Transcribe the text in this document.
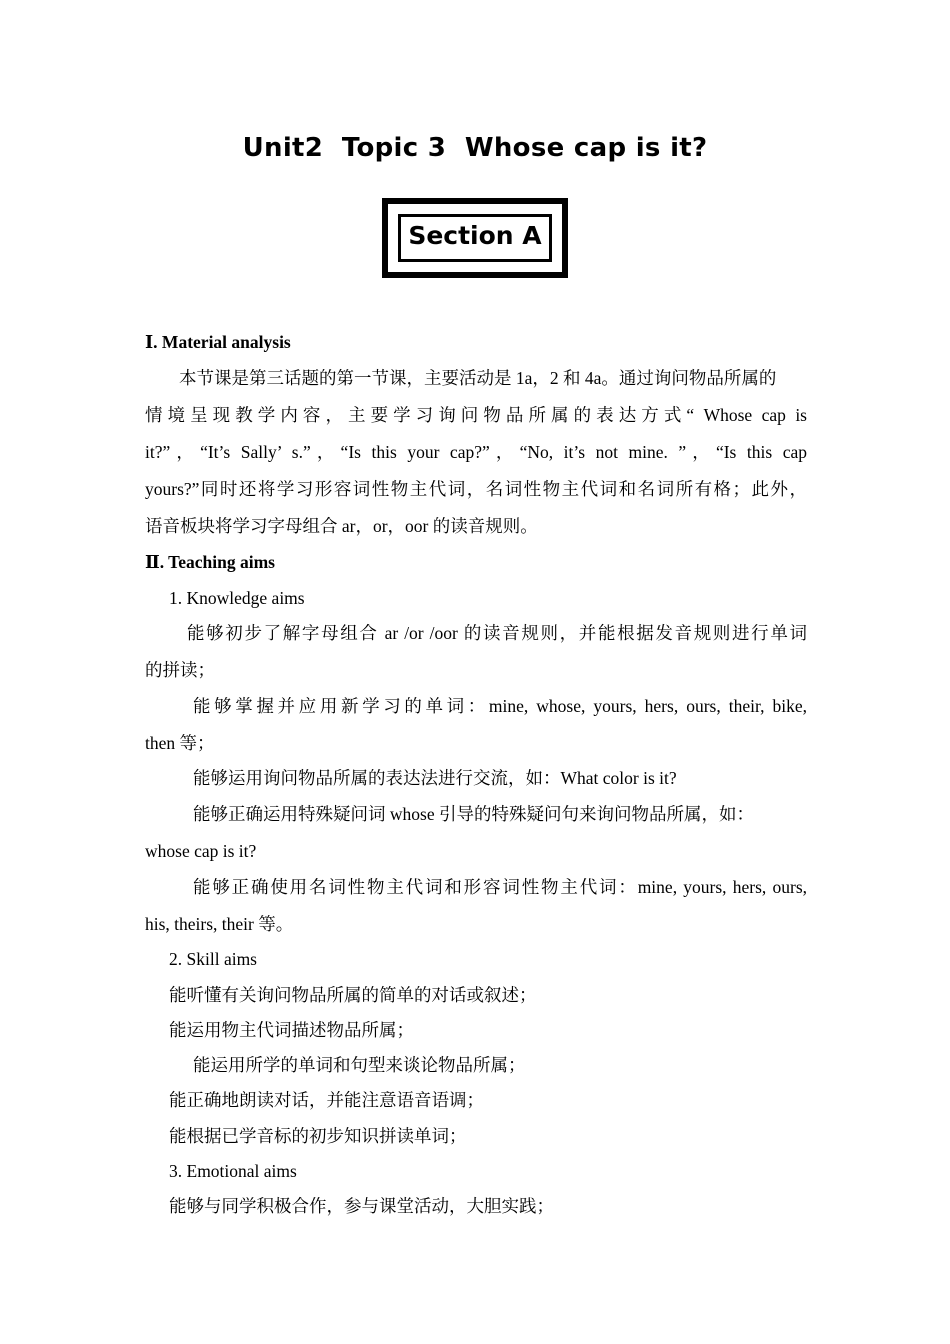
Unit2  Topic 3  Whose cap is it?
Section A
Ⅰ. Material analysis
本节课是第三话题的第一节课，主要活动是 1a，2 和 4a。通过询问物品所属的
情境呈现教学内容，主要学习询问物品所属的表达方式“ Whose cap is
it?”，“It’s Sally’ s.”，“Is this your cap?”，“No, it’s not mine. ”，“Is this cap
yours?”同时还将学习形容词性物主代词，名词性物主代词和名词所有格；此外，
语音板块将学习字母组合 ar，or，oor 的读音规则。
Ⅱ. Teaching aims
1. Knowledge aims
能够初步了解字母组合 ar /or /oor 的读音规则，并能根据发音规则进行单词
的拼读；
能够掌握并应用新学习的单词：mine, whose, yours, hers, ours, their, bike,
then 等；
能够运用询问物品所属的表达法进行交流，如：What color is it?
能够正确运用特殊疑问词 whose 引导的特殊疑问句来询问物品所属，如：
whose cap is it?
能够正确使用名词性物主代词和形容词性物主代词：mine, yours, hers, ours,
his, theirs, their 等。
2. Skill aims
能听懂有关询问物品所属的简单的对话或叙述；
能运用物主代词描述物品所属；
能运用所学的单词和句型来谈论物品所属；
能正确地朗读对话，并能注意语音语调；
能根据已学音标的初步知识拼读单词；
3. Emotional aims
能够与同学积极合作，参与课堂活动，大胆实践；
